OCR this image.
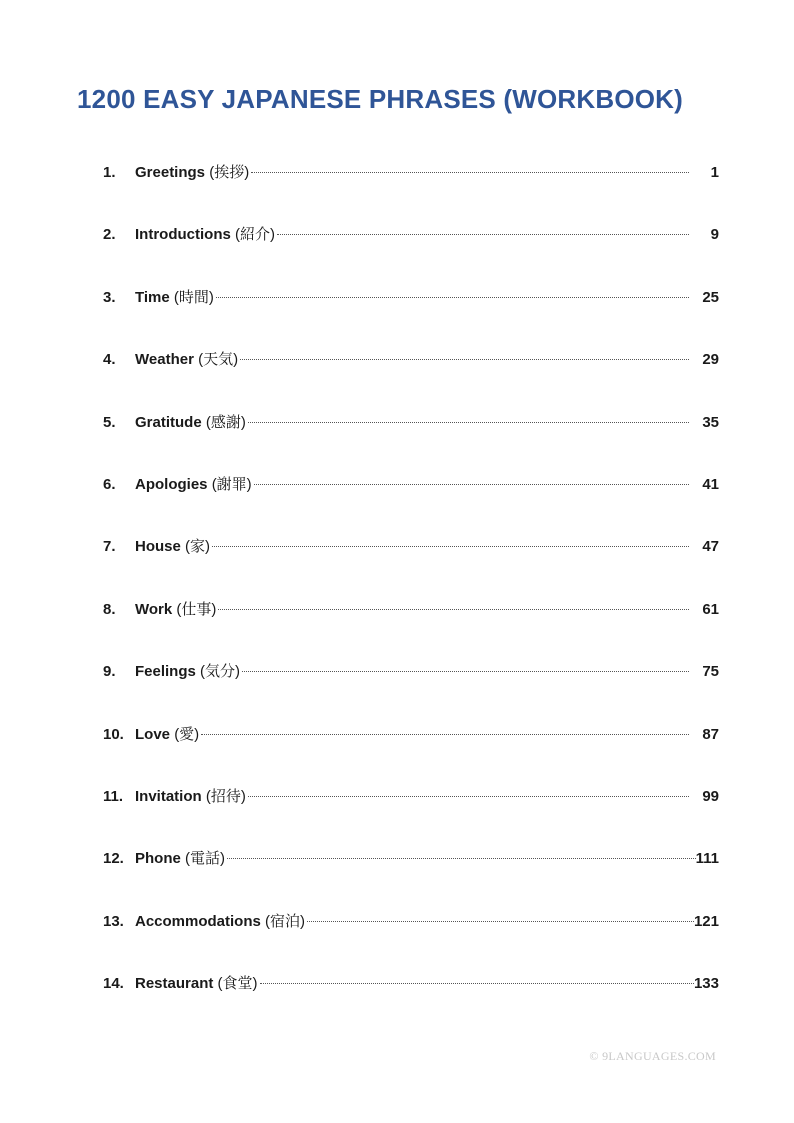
1200 EASY JAPANESE PHRASES (WORKBOOK)
1.	Greetings (挨拶)	1
2.	Introductions (紹介)	9
3.	Time (時間)	25
4.	Weather (天気)	29
5.	Gratitude (感謝)	35
6.	Apologies (謝罪)	41
7.	House (家)	47
8.	Work (仕事)	61
9.	Feelings (気分)	75
10. Love (愛)	87
11. Invitation (招待)	99
12. Phone (電話)	111
13. Accommodations (宿泊)	121
14. Restaurant (食堂)	133
© 9LANGUAGES.COM
